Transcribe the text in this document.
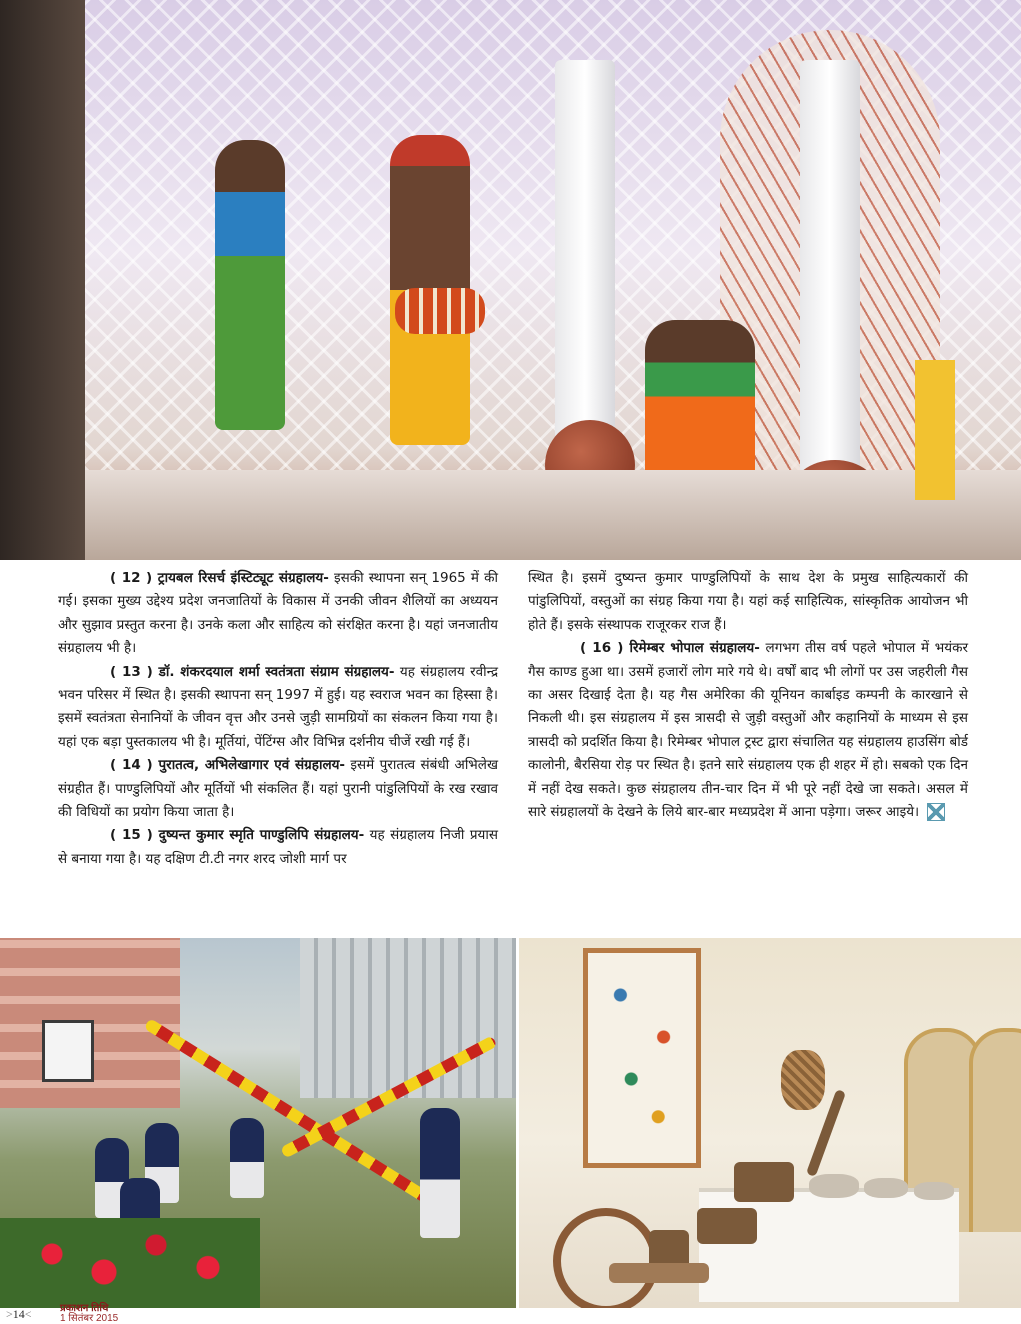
( 12 ) ट्रायबल रिसर्च इंस्टिट्यूट संग्रहालय- इसकी स्थापना सन् 1965 में की गई। इसका मुख्य उद्देश्य प्रदेश जनजातियों के विकास में उनकी जीवन शैलियों का अध्ययन और सुझाव प्रस्तुत करना है। उनके कला और साहित्य को संरक्षित करना है। यहां जनजातीय संग्रहालय भी है।

( 13 ) डॉ. शंकरदयाल शर्मा स्वतंत्रता संग्राम संग्रहालय- यह संग्रहालय रवीन्द्र भवन परिसर में स्थित है। इसकी स्थापना सन् 1997 में हुई। यह स्वराज भवन का हिस्सा है। इसमें स्वतंत्रता सेनानियों के जीवन वृत्त और उनसे जुड़ी सामग्रियों का संकलन किया गया है। यहां एक बड़ा पुस्तकालय भी है। मूर्तियां, पेंटिंग्स और विभिन्न दर्शनीय चीजें रखी गई हैं।

( 14 ) पुरातत्व, अभिलेखागार एवं संग्रहालय- इसमें पुरातत्व संबंधी अभिलेख संग्रहीत हैं। पाण्डुलिपियों और मूर्तियों भी संकलित हैं। यहां पुरानी पांडुलिपियों के रख रखाव की विधियों का प्रयोग किया जाता है।

( 15 ) दुष्यन्त कुमार स्मृति पाण्डुलिपि संग्रहालय- यह संग्रहालय निजी प्रयास से बनाया गया है। यह दक्षिण टी.टी नगर शरद जोशी मार्ग पर

स्थित है। इसमें दुष्यन्त कुमार पाण्डुलिपियों के साथ देश के प्रमुख साहित्यकारों की पांडुलिपियों, वस्तुओं का संग्रह किया गया है। यहां कई साहित्यिक, सांस्कृतिक आयोजन भी होते हैं। इसके संस्थापक राजूरकर राज हैं।

( 16 ) रिमेम्बर भोपाल संग्रहालय- लगभग तीस वर्ष पहले भोपाल में भयंकर गैस काण्ड हुआ था। उसमें हजारों लोग मारे गये थे। वर्षों बाद भी लोगों पर उस जहरीली गैस का असर दिखाई देता है। यह गैस अमेरिका की यूनियन कार्बाइड कम्पनी के कारखाने से निकली थी। इस संग्रहालय में इस त्रासदी से जुड़ी वस्तुओं और कहानियों के माध्यम से इस त्रासदी को प्रदर्शित किया है। रिमेम्बर भोपाल ट्रस्ट द्वारा संचालित यह संग्रहालय हाउसिंग बोर्ड कालोनी, बैरसिया रोड़ पर स्थित है। इतने सारे संग्रहालय एक ही शहर में हो। सबको एक दिन में नहीं देख सकते। कुछ संग्रहालय तीन-चार दिन में भी पूरे नहीं देखे जा सकते। असल में सारे संग्रहालयों के देखने के लिये बार-बार मध्यप्रदेश में आना पड़ेगा। जरूर आइये।

>14<	प्रकाशन तिथि
1 सितंबर 2015
